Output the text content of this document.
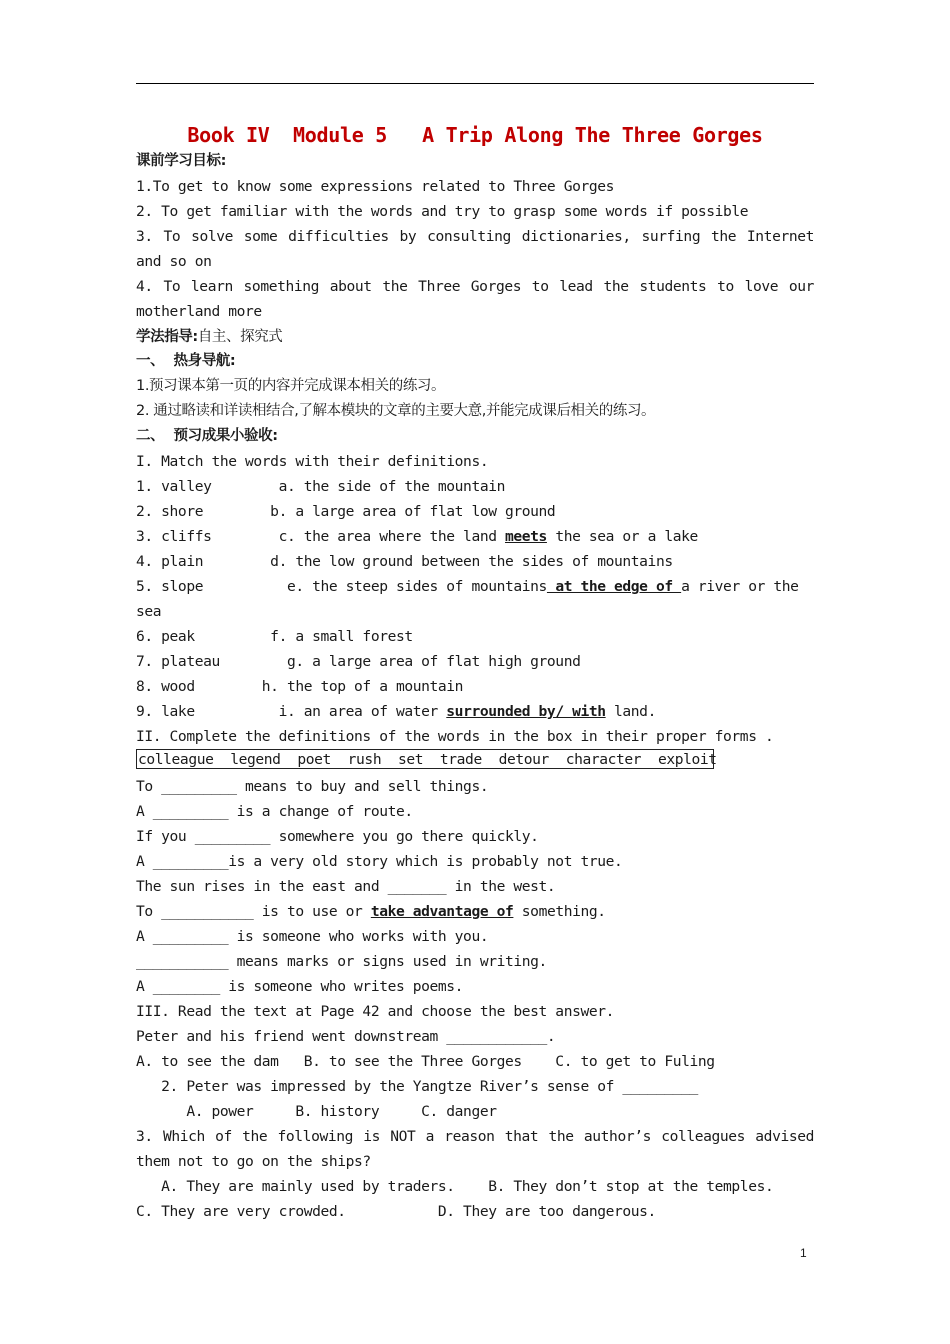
Book IV  Module 5   A Trip Along The Three Gorges
课前学习目标:
1.To get to know some expressions related to Three Gorges
2. To get familiar with the words and try to grasp some words if possible
3. To solve some difficulties by consulting dictionaries, surfing the Internet
and so on
4. To learn something about the Three Gorges to lead the students to love our
motherland more
学法指导:自主、探究式
一、  热身导航:
1.预习课本第一页的内容并完成课本相关的练习。
2. 通过略读和详读相结合,了解本模块的文章的主要大意,并能完成课后相关的练习。
二、  预习成果小验收:
I. Match the words with their definitions.
1. valley        a. the side of the mountain
2. shore        b. a large area of flat low ground
3. cliffs        c. the area where the land meets the sea or a lake
4. plain        d. the low ground between the sides of mountains
5. slope          e. the steep sides of mountains at the edge of a river or the
sea
6. peak         f. a small forest
7. plateau        g. a large area of flat high ground
8. wood        h. the top of a mountain
9. lake          i. an area of water surrounded by/ with land.
II. Complete the definitions of the words in the box in their proper forms .
colleague  legend  poet  rush  set  trade  detour  character  exploit
To _________ means to buy and sell things.
A _________ is a change of route.
If you _________ somewhere you go there quickly.
A _________is a very old story which is probably not true.
The sun rises in the east and _______ in the west.
To ___________ is to use or take advantage of something.
A _________ is someone who works with you.
___________ means marks or signs used in writing.
A ________ is someone who writes poems.
III. Read the text at Page 42 and choose the best answer.
Peter and his friend went downstream ____________.
A. to see the dam   B. to see the Three Gorges    C. to get to Fuling
2. Peter was impressed by the Yangtze River’s sense of _________
A. power     B. history     C. danger
3. Which of the following is NOT a reason that the author’s colleagues advised
them not to go on the ships?
A. They are mainly used by traders.    B. They don’t stop at the temples.
C. They are very crowded.           D. They are too dangerous.
1
